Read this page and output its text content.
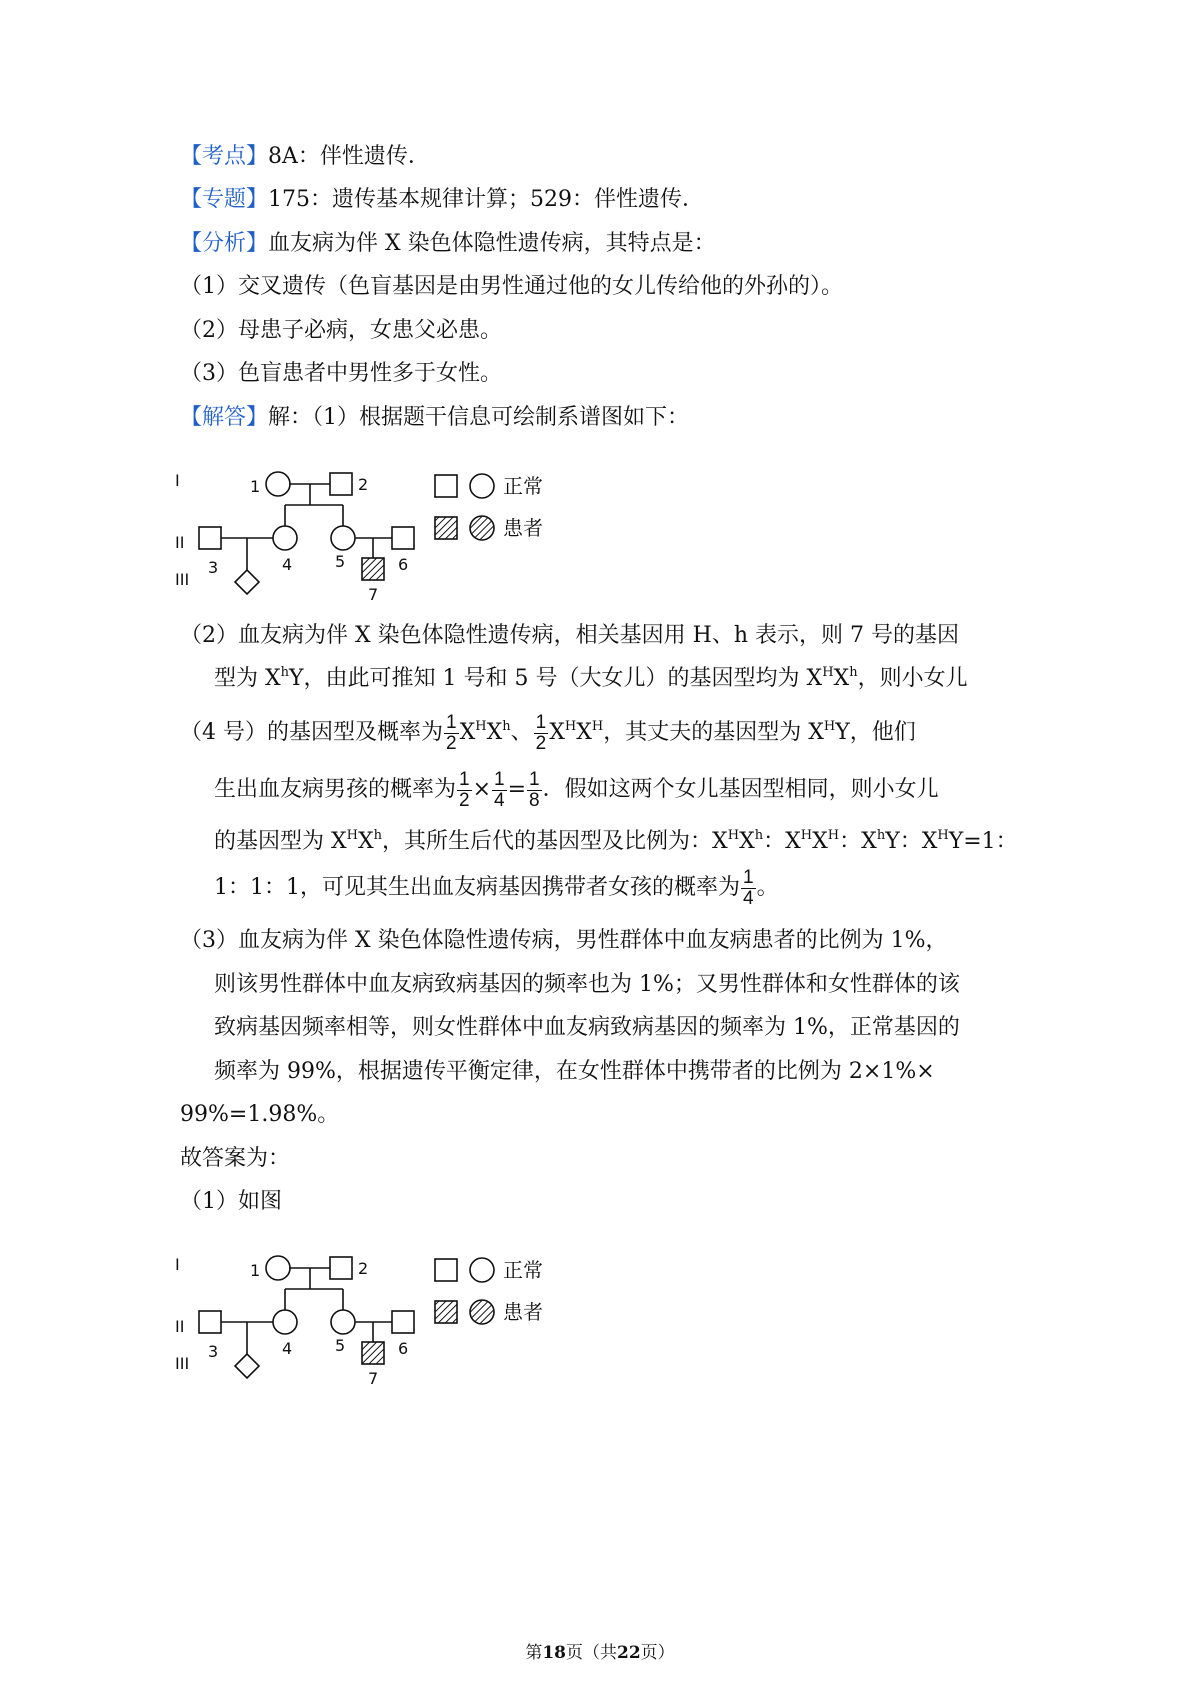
【考点】8A：伴性遗传．
【专题】175：遗传基本规律计算；529：伴性遗传．
【分析】血友病为伴 X 染色体隐性遗传病，其特点是：
（1）交叉遗传（色盲基因是由男性通过他的女儿传给他的外孙的）。
（2）母患子必病，女患父必患。
（3）色盲患者中男性多于女性。
【解答】解：（1）根据题干信息可绘制系谱图如下：
I
II
III
1	2
3	4	5	6
7
正常
患者
（2）血友病为伴 X 染色体隐性遗传病，相关基因用 H、h 表示，则 7 号的基因
型为 $X^hY$，由此可推知 1 号和 5 号（大女儿）的基因型均为 $X^HX^h$，则小女儿
（4 号）的基因型及概率为 $\frac{1}{2} X^HX^h$、 $\frac{1}{2} X^HX^H$，其丈夫的基因型为 $X^HY$，他们
生出血友病男孩的概率为 $\frac{1}{2} \times \frac{1}{4} = \frac{1}{8}$ ．假如这两个女儿基因型相同，则小女儿
的基因型为 $X^HX^h$，其所生后代的基因型及比例为：$X^HX^h$：$X^HX^H$：$X^hY$：$X^HY=1$：
1：1：1，可见其生出血友病基因携带者女孩的概率为 $\frac{1}{4}$ 。
（3）血友病为伴 X 染色体隐性遗传病，男性群体中血友病患者的比例为 1%，
则该男性群体中血友病致病基因的频率也为 1%；又男性群体和女性群体的该
致病基因频率相等，则女性群体中血友病致病基因的频率为 1%，正常基因的
频率为 99%，根据遗传平衡定律，在女性群体中携带者的比例为 2×1%×
99%=1.98%。
故答案为：
（1）如图
I
II
III
1	2
3	4	5	6
7
正常
患者
第18页（共22页）
